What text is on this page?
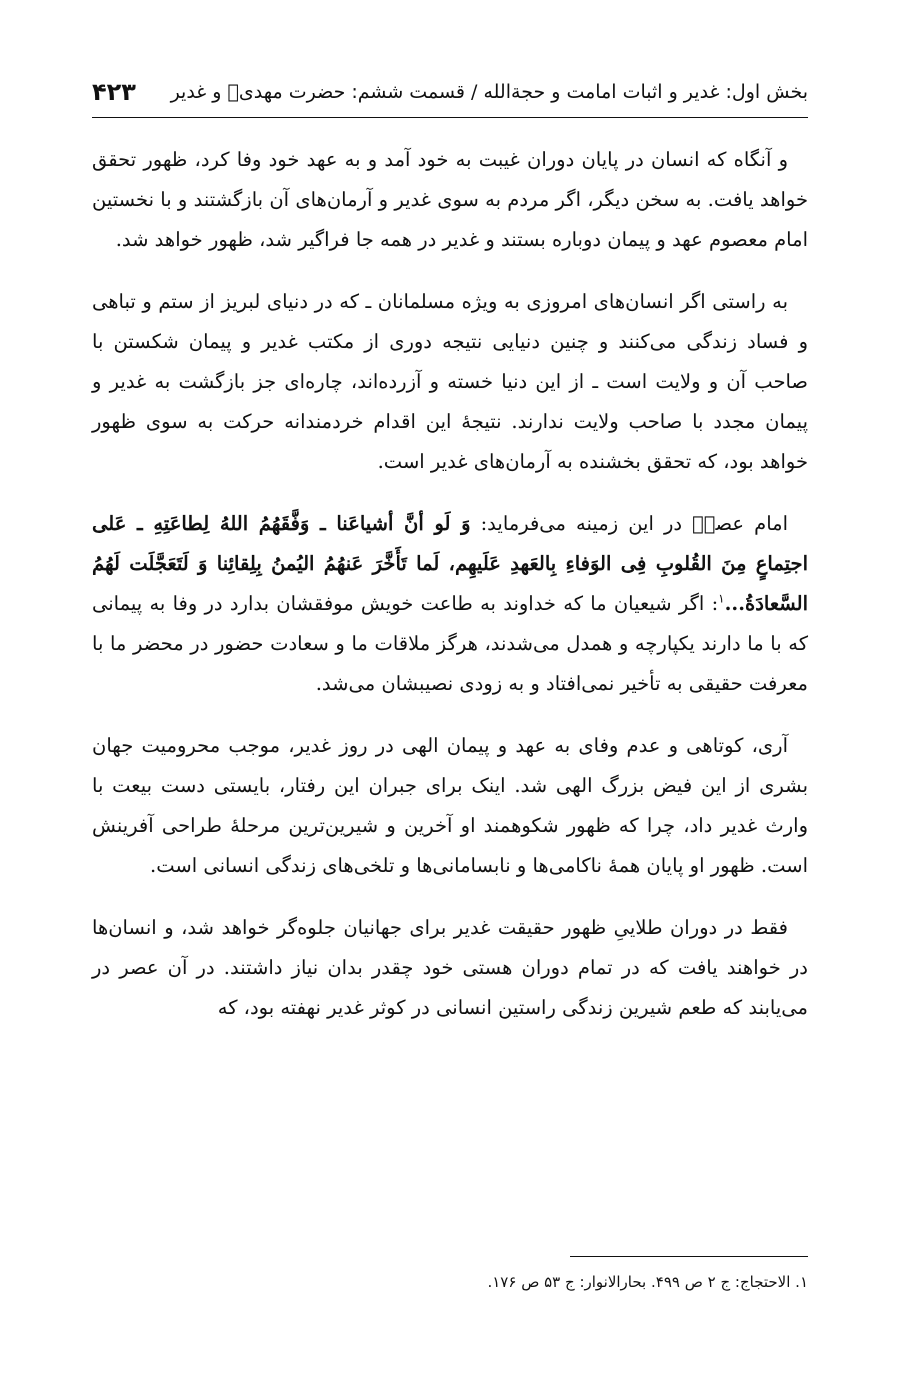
بخش اول: غدیر و اثبات امامت و حجةالله / قسمت ششم: حضرت مهدیؑ و غدیر
۴۲۳

و آنگاه که انسان در پایان دوران غیبت به خود آمد و به عهد خود وفا کرد، ظهور تحقق خواهد یافت. به سخن دیگر، اگر مردم به سوی غدیر و آرمان‌های آن بازگشتند و با نخستین امام معصوم عهد و پیمان دوباره بستند و غدیر در همه جا فراگیر شد، ظهور خواهد شد.

به راستی اگر انسان‌های امروزی به ویژه مسلمانان ـ که در دنیای لبریز از ستم و تباهی و فساد زندگی می‌کنند و چنین دنیایی نتیجه دوری از مکتب غدیر و پیمان شکستن با صاحب آن و ولایت است ـ از این دنیا خسته و آزرده‌اند، چاره‌ای جز بازگشت به غدیر و پیمان مجدد با صاحب ولایت ندارند. نتیجۀ این اقدام خردمندانه حرکت به سوی ظهور خواهد بود، که تحقق بخشنده به آرمان‌های غدیر است.

امام عصرؑ در این زمینه می‌فرماید: وَ لَو أنَّ أشیاعَنا ـ وَفَّقَهُمُ اللهُ لِطاعَتِهِ ـ عَلی اجتِماعٍ مِنَ القُلوبِ فِی الوَفاءِ بِالعَهدِ عَلَیهِم، لَما تَأَخَّرَ عَنهُمُ الیُمنُ بِلِقائِنا وَ لَتَعَجَّلَت لَهُمُ السَّعادَةُ...$^۱$: اگر شیعیان ما که خداوند به طاعت خویش موفقشان بدارد در وفا به پیمانی که با ما دارند یکپارچه و همدل می‌شدند، هرگز ملاقات ما و سعادت حضور در محضر ما با معرفت حقیقی به تأخیر نمی‌افتاد و به زودی نصیبشان می‌شد.

آری، کوتاهی و عدم وفای به عهد و پیمان الهی در روز غدیر، موجب محرومیت جهان بشری از این فیض بزرگ الهی شد. اینک برای جبران این رفتار، بایستی دست بیعت با وارث غدیر داد، چرا که ظهور شکوهمند او آخرین و شیرین‌ترین مرحلۀ طراحی آفرینش است. ظهور او پایان همۀ ناکامی‌ها و نابسامانی‌ها و تلخی‌های زندگی انسانی است.

فقط در دوران طلاییِ ظهور حقیقت غدیر برای جهانیان جلوه‌گر خواهد شد، و انسان‌ها در خواهند یافت که در تمام دوران هستی خود چقدر بدان نیاز داشتند. در آن عصر در می‌یابند که طعم شیرین زندگی راستین انسانی در کوثر غدیر نهفته بود، که

۱. الاحتجاج: ج ۲ ص ۴۹۹. بحارالانوار: ج ۵۳ ص ۱۷۶.
